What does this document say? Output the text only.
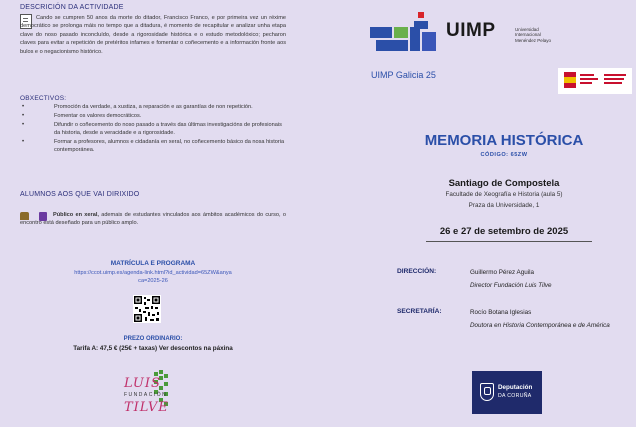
DESCRICIÓN DA ACTIVIDADE
Cando se cumpren 50 anos da morte do ditador, Francisco Franco, e por primeira vez un réxime democrático se prolonga máis no tempo que a ditadura, é momento de recapitular e analizar unha etapa clave do noso pasado inconcluído, desde a rigorosidade histórica e o estudo metodolóxico; pecharon claves para evitar a repetición de pretéritos infames e fomentar o coñecemento e a información fronte aos bulos e o negacionismo histórico.
OBXECTIVOS:
• Promoción da verdade, a xustiza, a reparación e as garantías de non repetición.
• Fomentar os valores democráticos.
• Difundir o coñecemento do noso pasado a través das últimas investigacións de profesionais da historia, desde a veracidade e a rigorosidade.
• Formar a profesores, alumnos e cidadanía en xeral, no coñecemento básico da nosa historia contemporánea.
ALUMNOS AOS QUE VAI DIRIXIDO
Público en xeral, ademais de estudantes vinculados aos ámbitos académicos do curso, o encontro está deseñado para un público amplo.
MATRÍCULA E PROGRAMA
https://ccot.uimp.es/agenda-link.html?id_actividad=65ZW&anyaca=2025-26
PREZO ORDINARIO:
Tarifa A: 47,5 € (25€ + taxas) Ver descontos na páxina
LUIS
FUNDACIÓN
TILVE
UIMP	Universidad
Internacional
Menéndez Pelayo
UIMP Galicia 25
MEMORIA HISTÓRICA
CÓDIGO: 65ZW
Santiago de Compostela
Facultade de Xeografía e Historia (aula 5)
Praza da Universidade, 1
26 e 27 de setembro de 2025
DIRECCIÓN:	Guillermo Pérez Aguila
Director Fundación Luis Tilve
SECRETARÍA:	Rocío Botana Iglesias
Doutora en Historia Contemporánea e de América
Deputación
DA CORUÑA
